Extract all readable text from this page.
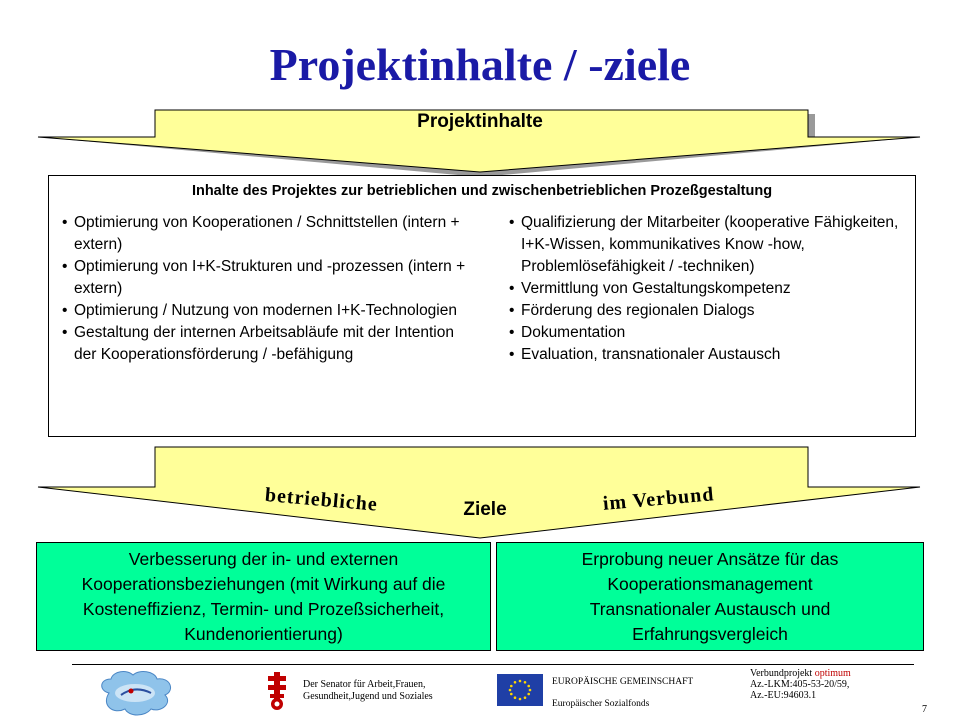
Projektinhalte / -ziele
Projektinhalte
Inhalte des Projektes zur betrieblichen und zwischenbetrieblichen Prozeßgestaltung
• Optimierung von Kooperationen / Schnittstellen (intern + extern)
• Optimierung von I+K-Strukturen und -prozessen (intern + extern)
• Optimierung / Nutzung von modernen I+K-Technologien
• Gestaltung der internen Arbeitsabläufe mit der Intention der Kooperationsförderung / -befähigung
• Qualifizierung der Mitarbeiter (kooperative Fähigkeiten, I+K-Wissen, kommunikatives Know -how, Problemlösefähigkeit / -techniken)
• Vermittlung von Gestaltungskompetenz
• Förderung des regionalen Dialogs
• Dokumentation
• Evaluation, transnationaler Austausch
betriebliche	im Verbund
Ziele
Verbesserung der in- und externen
Kooperationsbeziehungen (mit Wirkung auf die
Kosteneffizienz, Termin- und Prozeßsicherheit,
Kundenorientierung)
Erprobung neuer Ansätze für das
Kooperationsmanagement
Transnationaler Austausch und
Erfahrungsvergleich
Der Senator für Arbeit,Frauen,
Gesundheit,Jugend und Soziales
EUROPÄISCHE GEMEINSCHAFT
Europäischer Sozialfonds
Verbundprojekt optimum
Az.-LKM:405-53-20/59,
Az.-EU:94603.1
7
